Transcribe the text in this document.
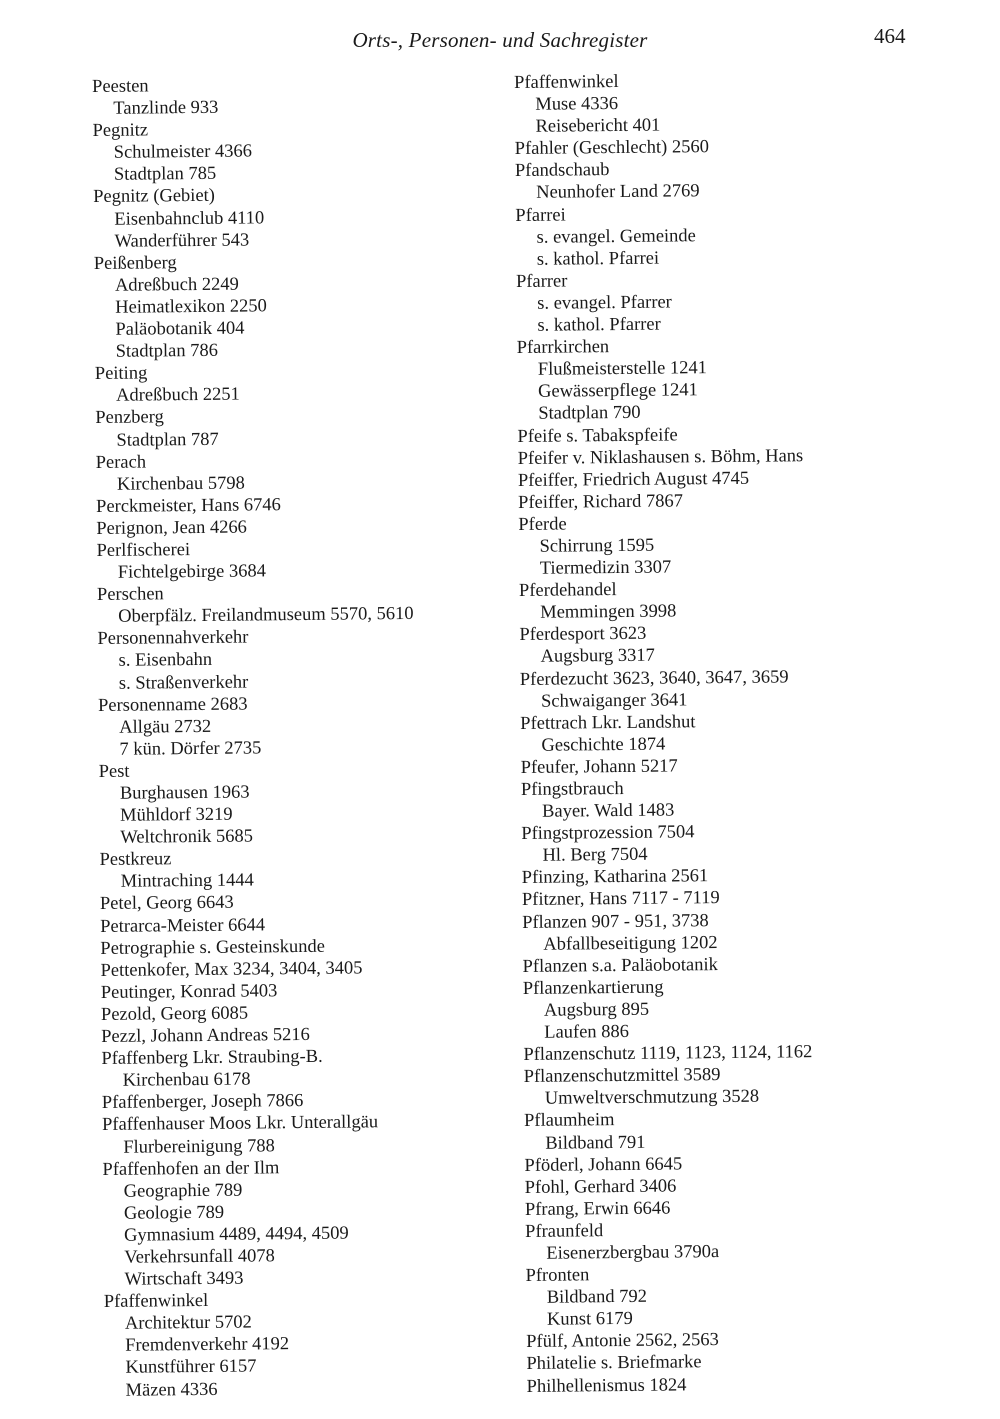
Orts-, Personen- und Sachregister	464
Peesten
Tanzlinde 933
Pegnitz
Schulmeister 4366
Stadtplan 785
Pegnitz (Gebiet)
Eisenbahnclub 4110
Wanderführer 543
Peißenberg
Adreßbuch 2249
Heimatlexikon 2250
Paläobotanik 404
Stadtplan 786
Peiting
Adreßbuch 2251
Penzberg
Stadtplan 787
Perach
Kirchenbau 5798
Perckmeister, Hans 6746
Perignon, Jean 4266
Perlfischerei
Fichtelgebirge 3684
Perschen
Oberpfälz. Freilandmuseum 5570, 5610
Personennahverkehr
s. Eisenbahn
s. Straßenverkehr
Personenname 2683
Allgäu 2732
7 kün. Dörfer 2735
Pest
Burghausen 1963
Mühldorf 3219
Weltchronik 5685
Pestkreuz
Mintraching 1444
Petel, Georg 6643
Petrarca-Meister 6644
Petrographie s. Gesteinskunde
Pettenkofer, Max 3234, 3404, 3405
Peutinger, Konrad 5403
Pezold, Georg 6085
Pezzl, Johann Andreas 5216
Pfaffenberg Lkr. Straubing-B.
Kirchenbau 6178
Pfaffenberger, Joseph 7866
Pfaffenhauser Moos Lkr. Unterallgäu
Flurbereinigung 788
Pfaffenhofen an der Ilm
Geographie 789
Geologie 789
Gymnasium 4489, 4494, 4509
Verkehrsunfall 4078
Wirtschaft 3493
Pfaffenwinkel
Architektur 5702
Fremdenverkehr 4192
Kunstführer 6157
Mäzen 4336
Pfaffenwinkel
Muse 4336
Reisebericht 401
Pfahler (Geschlecht) 2560
Pfandschaub
Neunhofer Land 2769
Pfarrei
s. evangel. Gemeinde
s. kathol. Pfarrei
Pfarrer
s. evangel. Pfarrer
s. kathol. Pfarrer
Pfarrkirchen
Flußmeisterstelle 1241
Gewässerpflege 1241
Stadtplan 790
Pfeife s. Tabakspfeife
Pfeifer v. Niklashausen s. Böhm, Hans
Pfeiffer, Friedrich August 4745
Pfeiffer, Richard 7867
Pferde
Schirrung 1595
Tiermedizin 3307
Pferdehandel
Memmingen 3998
Pferdesport 3623
Augsburg 3317
Pferdezucht 3623, 3640, 3647, 3659
Schwaiganger 3641
Pfettrach Lkr. Landshut
Geschichte 1874
Pfeufer, Johann 5217
Pfingstbrauch
Bayer. Wald 1483
Pfingstprozession 7504
Hl. Berg 7504
Pfinzing, Katharina 2561
Pfitzner, Hans 7117 - 7119
Pflanzen 907 - 951, 3738
Abfallbeseitigung 1202
Pflanzen s.a. Paläobotanik
Pflanzenkartierung
Augsburg 895
Laufen 886
Pflanzenschutz 1119, 1123, 1124, 1162
Pflanzenschutzmittel 3589
Umweltverschmutzung 3528
Pflaumheim
Bildband 791
Pföderl, Johann 6645
Pfohl, Gerhard 3406
Pfrang, Erwin 6646
Pfraunfeld
Eisenerzbergbau 3790a
Pfronten
Bildband 792
Kunst 6179
Pfülf, Antonie 2562, 2563
Philatelie s. Briefmarke
Philhellenismus 1824
